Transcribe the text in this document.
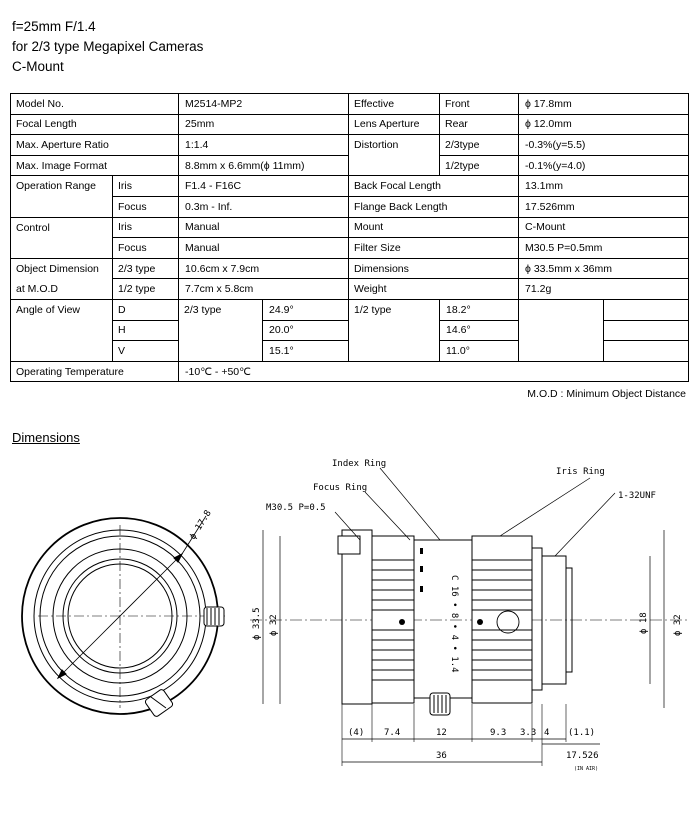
f=25mm F/1.4
for 2/3 type Megapixel Cameras
C-Mount
Model No.		M2514-MP2		Effective	Front	ϕ 17.8mm	
Focal Length		25mm		Lens Aperture	Rear	ϕ 12.0mm	
Max. Aperture Ratio		1:1.4		Distortion	2/3type	-0.3%(y=5.5)	
Max. Image Format		8.8mm x 6.6mm(ϕ 11mm)			1/2type	-0.1%(y=4.0)	
Operation Range	Iris	F1.4 - F16C		Back Focal Length		13.1mm	
	Focus	0.3m - Inf.		Flange Back Length		17.526mm	
Control	Iris	Manual		Mount		C-Mount	
	Focus	Manual		Filter Size		M30.5 P=0.5mm	
Object Dimension	2/3 type	10.6cm x 7.9cm		Dimensions		ϕ 33.5mm x 36mm	
at M.O.D	1/2 type	7.7cm x 5.8cm		Weight		71.2g	
Angle of View	D	2/3 type	24.9°	1/2 type	18.2°		
	H		20.0°		14.6°		
	V		15.1°		11.0°		
Operating Temperature		-10℃ - +50℃					
M.O.D : Minimum Object Distance
Dimensions
ϕ 17.8
Index Ring
Iris Ring
Focus Ring
M30.5 P=0.5
1-32UNF
ϕ 33.5 ϕ 32	ϕ 18	ϕ 32
C 16 • 8 • 4 • 1.4
(4) 7.4	12	9.3 3.3 4 (1.1)
36	17.526
(IN AIR)
